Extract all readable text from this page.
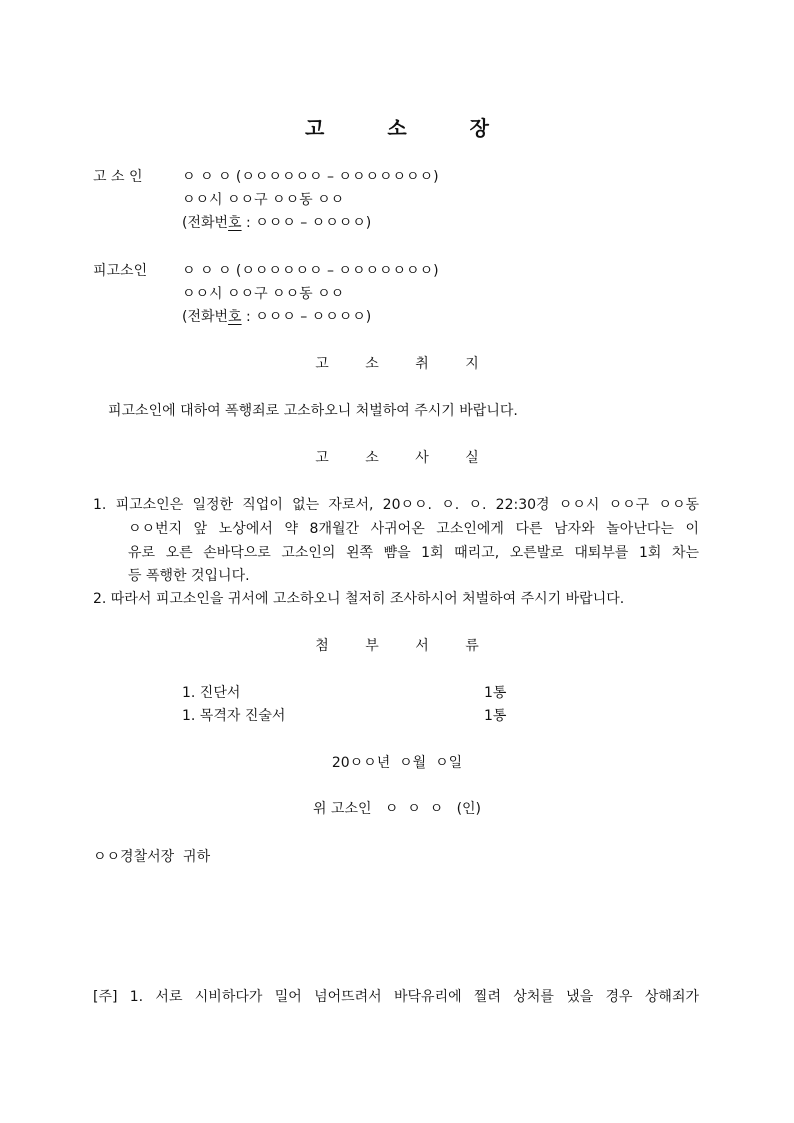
고 소 장
고 소 인	ㅇ ㅇ ㅇ (ㅇㅇㅇㅇㅇㅇ – ㅇㅇㅇㅇㅇㅇㅇ)
ㅇㅇ시 ㅇㅇ구 ㅇㅇ동 ㅇㅇ
(전화번호 : ㅇㅇㅇ – ㅇㅇㅇㅇ)
피고소인 ㅇ ㅇ ㅇ (ㅇㅇㅇㅇㅇㅇ – ㅇㅇㅇㅇㅇㅇㅇ)
ㅇㅇ시 ㅇㅇ구 ㅇㅇ동 ㅇㅇ
(전화번호 : ㅇㅇㅇ – ㅇㅇㅇㅇ)
고 소 취 지
피고소인에 대하여 폭행죄로 고소하오니 처벌하여 주시기 바랍니다.
고 소 사 실
1. 피고소인은 일정한 직업이 없는 자로서, 20ㅇㅇ. ㅇ. ㅇ. 22:30경 ㅇㅇ시 ㅇㅇ구 ㅇㅇ동
ㅇㅇ번지 앞 노상에서 약 8개월간 사귀어온 고소인에게 다른 남자와 놀아난다는 이
유로 오른 손바닥으로 고소인의 왼쪽 뺨을 1회 때리고, 오른발로 대퇴부를 1회 차는
등 폭행한 것입니다.
2. 따라서 피고소인을 귀서에 고소하오니 철저히 조사하시어 처벌하여 주시기 바랍니다.
첨 부 서 류
1. 진단서	1통
1. 목격자 진술서	1통
20ㅇㅇ년  ㅇ월  ㅇ일
위 고소인   ㅇ  ㅇ  ㅇ   (인)
ㅇㅇ경찰서장  귀하
[주] 1. 서로 시비하다가 밀어 넘어뜨려서 바닥유리에 찔려 상처를 냈을 경우 상해죄가
